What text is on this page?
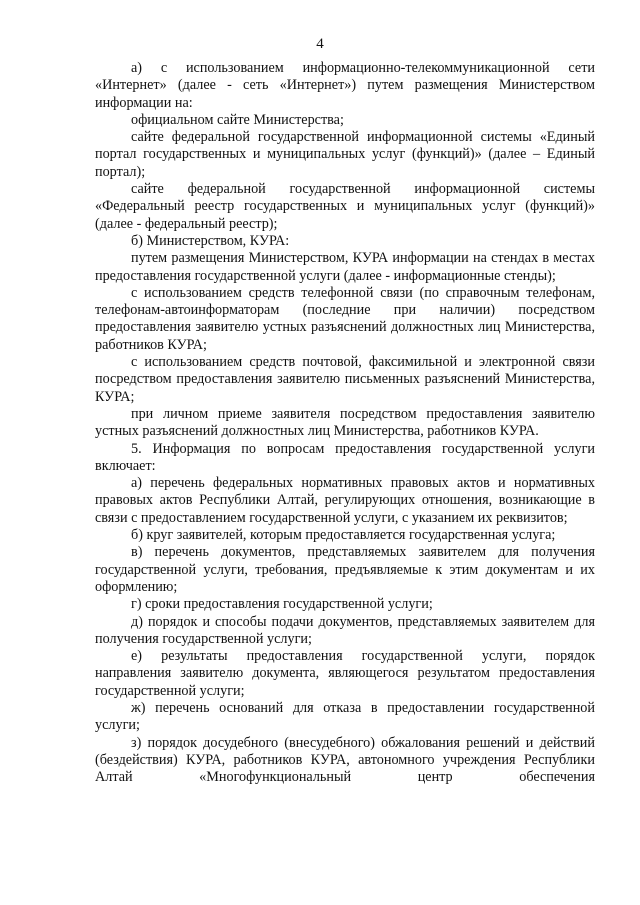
4

а) с использованием информационно-телекоммуникационной сети «Интернет» (далее - сеть «Интернет») путем размещения Министерством информации на:

официальном сайте Министерства;

сайте федеральной государственной информационной системы «Единый портал государственных и муниципальных услуг (функций)» (далее – Единый портал);

сайте федеральной государственной информационной системы «Федеральный реестр государственных и муниципальных услуг (функций)» (далее - федеральный реестр);

б) Министерством, КУРА:

путем размещения Министерством, КУРА информации на стендах в местах предоставления государственной услуги (далее - информационные стенды);

с использованием средств телефонной связи (по справочным телефонам, телефонам-автоинформаторам (последние при наличии) посредством предоставления заявителю устных разъяснений должностных лиц Министерства, работников КУРА;

с использованием средств почтовой, факсимильной и электронной связи посредством предоставления заявителю письменных разъяснений Министерства, КУРА;

при личном приеме заявителя посредством предоставления заявителю устных разъяснений должностных лиц Министерства, работников КУРА.

5. Информация по вопросам предоставления государственной услуги включает:

а) перечень федеральных нормативных правовых актов и нормативных правовых актов Республики Алтай, регулирующих отношения, возникающие в связи с предоставлением государственной услуги, с указанием их реквизитов;

б) круг заявителей, которым предоставляется государственная услуга;

в) перечень документов, представляемых заявителем для получения государственной услуги, требования, предъявляемые к этим документам и их оформлению;

г) сроки предоставления государственной услуги;

д) порядок и способы подачи документов, представляемых заявителем для получения государственной услуги;

е) результаты предоставления государственной услуги, порядок направления заявителю документа, являющегося результатом предоставления государственной услуги;

ж) перечень оснований для отказа в предоставлении государственной услуги;

з) порядок досудебного (внесудебного) обжалования решений и действий (бездействия) КУРА, работников КУРА, автономного учреждения Республики Алтай «Многофункциональный центр обеспечения
